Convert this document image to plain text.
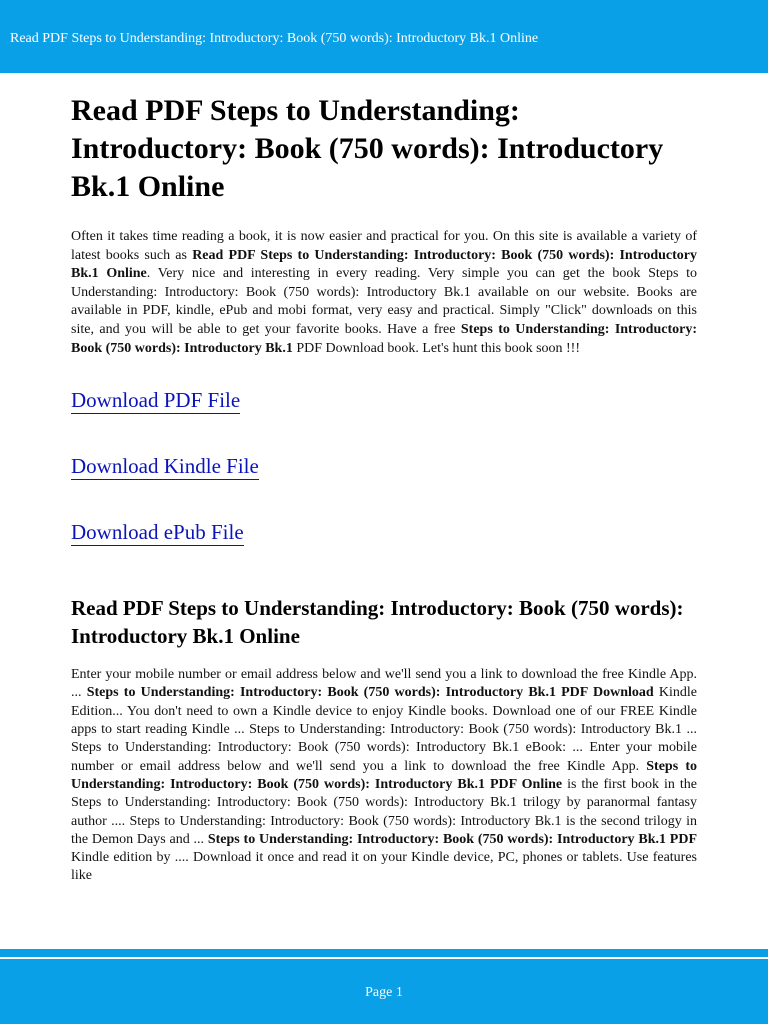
Read PDF Steps to Understanding: Introductory: Book (750 words): Introductory Bk.1 Online
Read PDF Steps to Understanding: Introductory: Book (750 words): Introductory Bk.1 Online

Often it takes time reading a book, it is now easier and practical for you. On this site is available a variety of latest books such as Read PDF Steps to Understanding: Introductory: Book (750 words): Introductory Bk.1 Online. Very nice and interesting in every reading. Very simple you can get the book Steps to Understanding: Introductory: Book (750 words): Introductory Bk.1 available on our website. Books are available in PDF, kindle, ePub and mobi format, very easy and practical. Simply "Click" downloads on this site, and you will be able to get your favorite books. Have a free Steps to Understanding: Introductory: Book (750 words): Introductory Bk.1 PDF Download book. Let's hunt this book soon !!!

Download PDF File
Download Kindle File
Download ePub File
Read PDF Steps to Understanding: Introductory: Book (750 words): Introductory Bk.1 Online

Enter your mobile number or email address below and we'll send you a link to download the free Kindle App. ... Steps to Understanding: Introductory: Book (750 words): Introductory Bk.1 PDF Download Kindle Edition... You don't need to own a Kindle device to enjoy Kindle books. Download one of our FREE Kindle apps to start reading Kindle ... Steps to Understanding: Introductory: Book (750 words): Introductory Bk.1 ... Steps to Understanding: Introductory: Book (750 words): Introductory Bk.1 eBook: ... Enter your mobile number or email address below and we'll send you a link to download the free Kindle App. Steps to Understanding: Introductory: Book (750 words): Introductory Bk.1 PDF Online is the first book in the Steps to Understanding: Introductory: Book (750 words): Introductory Bk.1 trilogy by paranormal fantasy author .... Steps to Understanding: Introductory: Book (750 words): Introductory Bk.1 is the second trilogy in the Demon Days and ... Steps to Understanding: Introductory: Book (750 words): Introductory Bk.1 PDF Kindle edition by .... Download it once and read it on your Kindle device, PC, phones or tablets. Use features like

Page 1
